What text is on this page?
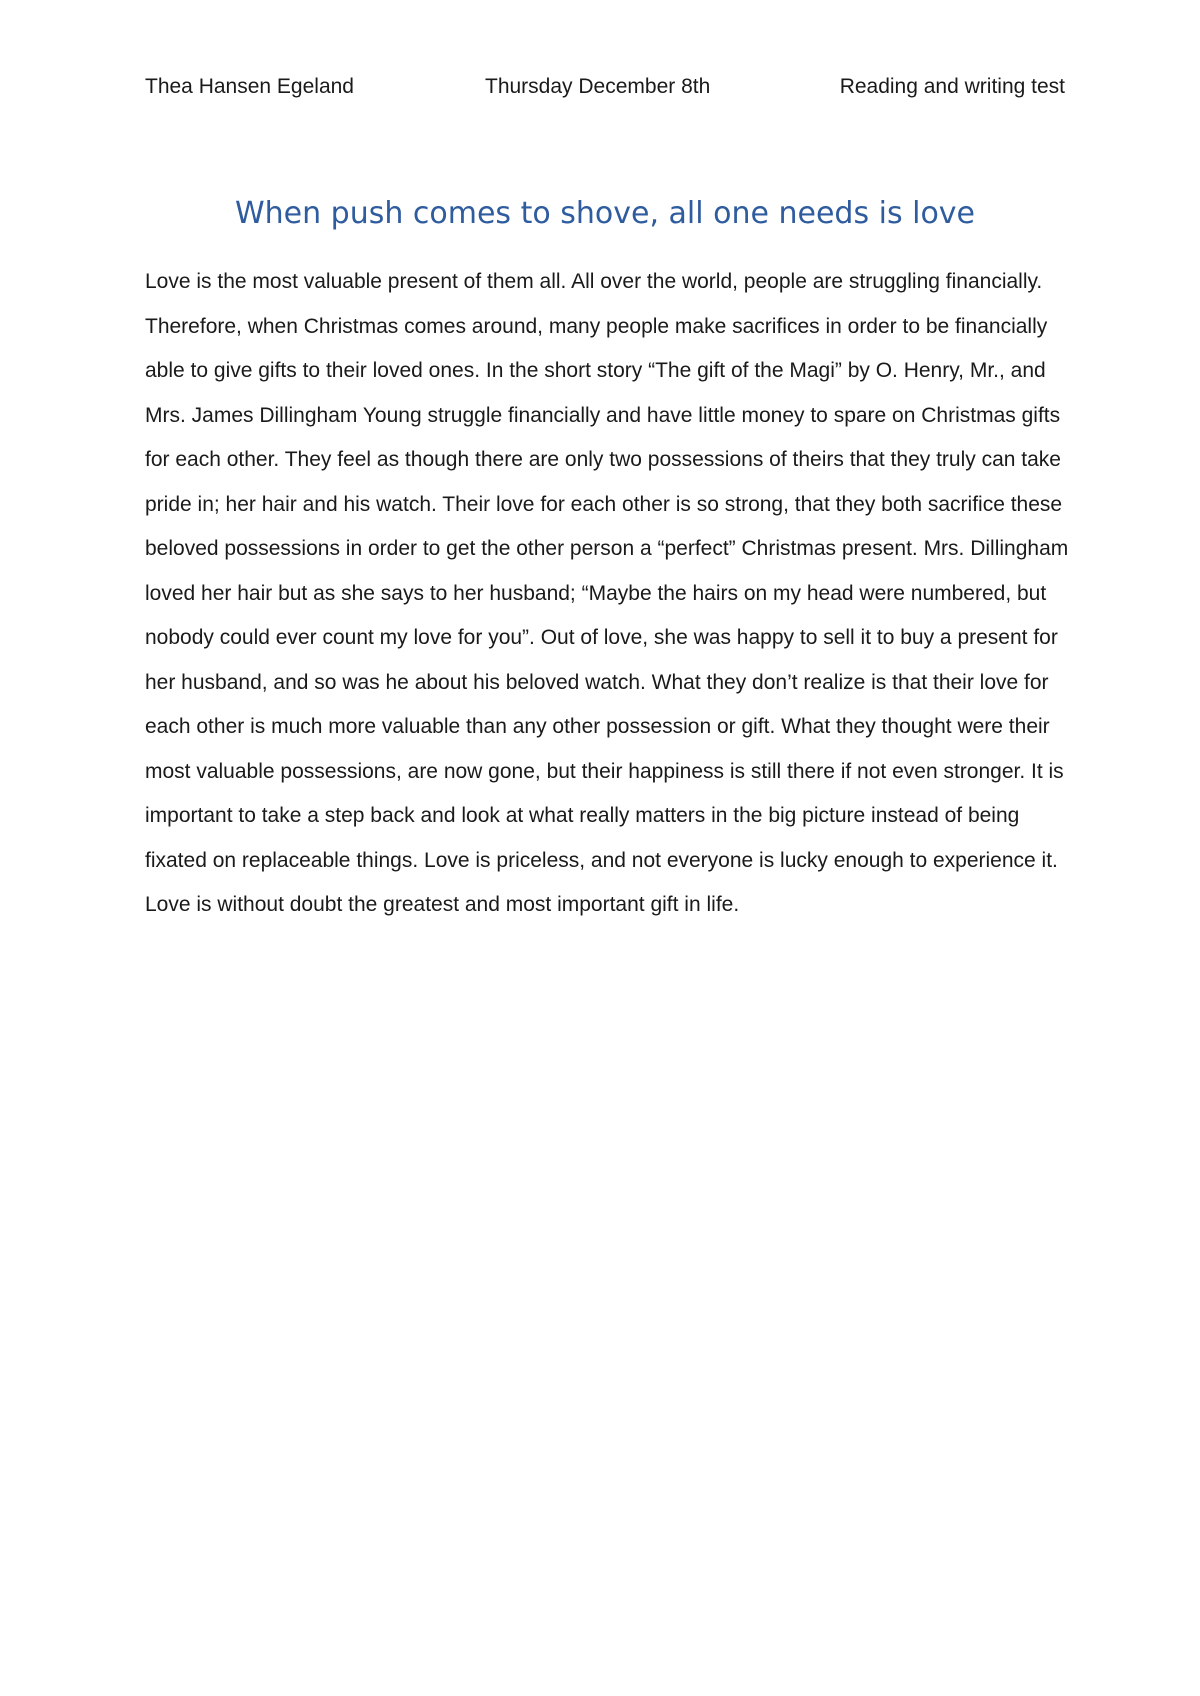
Thea Hansen Egeland	Thursday December 8th	Reading and writing test
When push comes to shove, all one needs is love

Love is the most valuable present of them all. All over the world, people are struggling financially. Therefore, when Christmas comes around, many people make sacrifices in order to be financially able to give gifts to their loved ones. In the short story “The gift of the Magi” by O. Henry, Mr., and Mrs. James Dillingham Young struggle financially and have little money to spare on Christmas gifts for each other. They feel as though there are only two possessions of theirs that they truly can take pride in; her hair and his watch. Their love for each other is so strong, that they both sacrifice these beloved possessions in order to get the other person a “perfect” Christmas present. Mrs. Dillingham loved her hair but as she says to her husband; “Maybe the hairs on my head were numbered, but nobody could ever count my love for you”. Out of love, she was happy to sell it to buy a present for her husband, and so was he about his beloved watch. What they don’t realize is that their love for each other is much more valuable than any other possession or gift. What they thought were their most valuable possessions, are now gone, but their happiness is still there if not even stronger. It is important to take a step back and look at what really matters in the big picture instead of being fixated on replaceable things. Love is priceless, and not everyone is lucky enough to experience it. Love is without doubt the greatest and most important gift in life.
